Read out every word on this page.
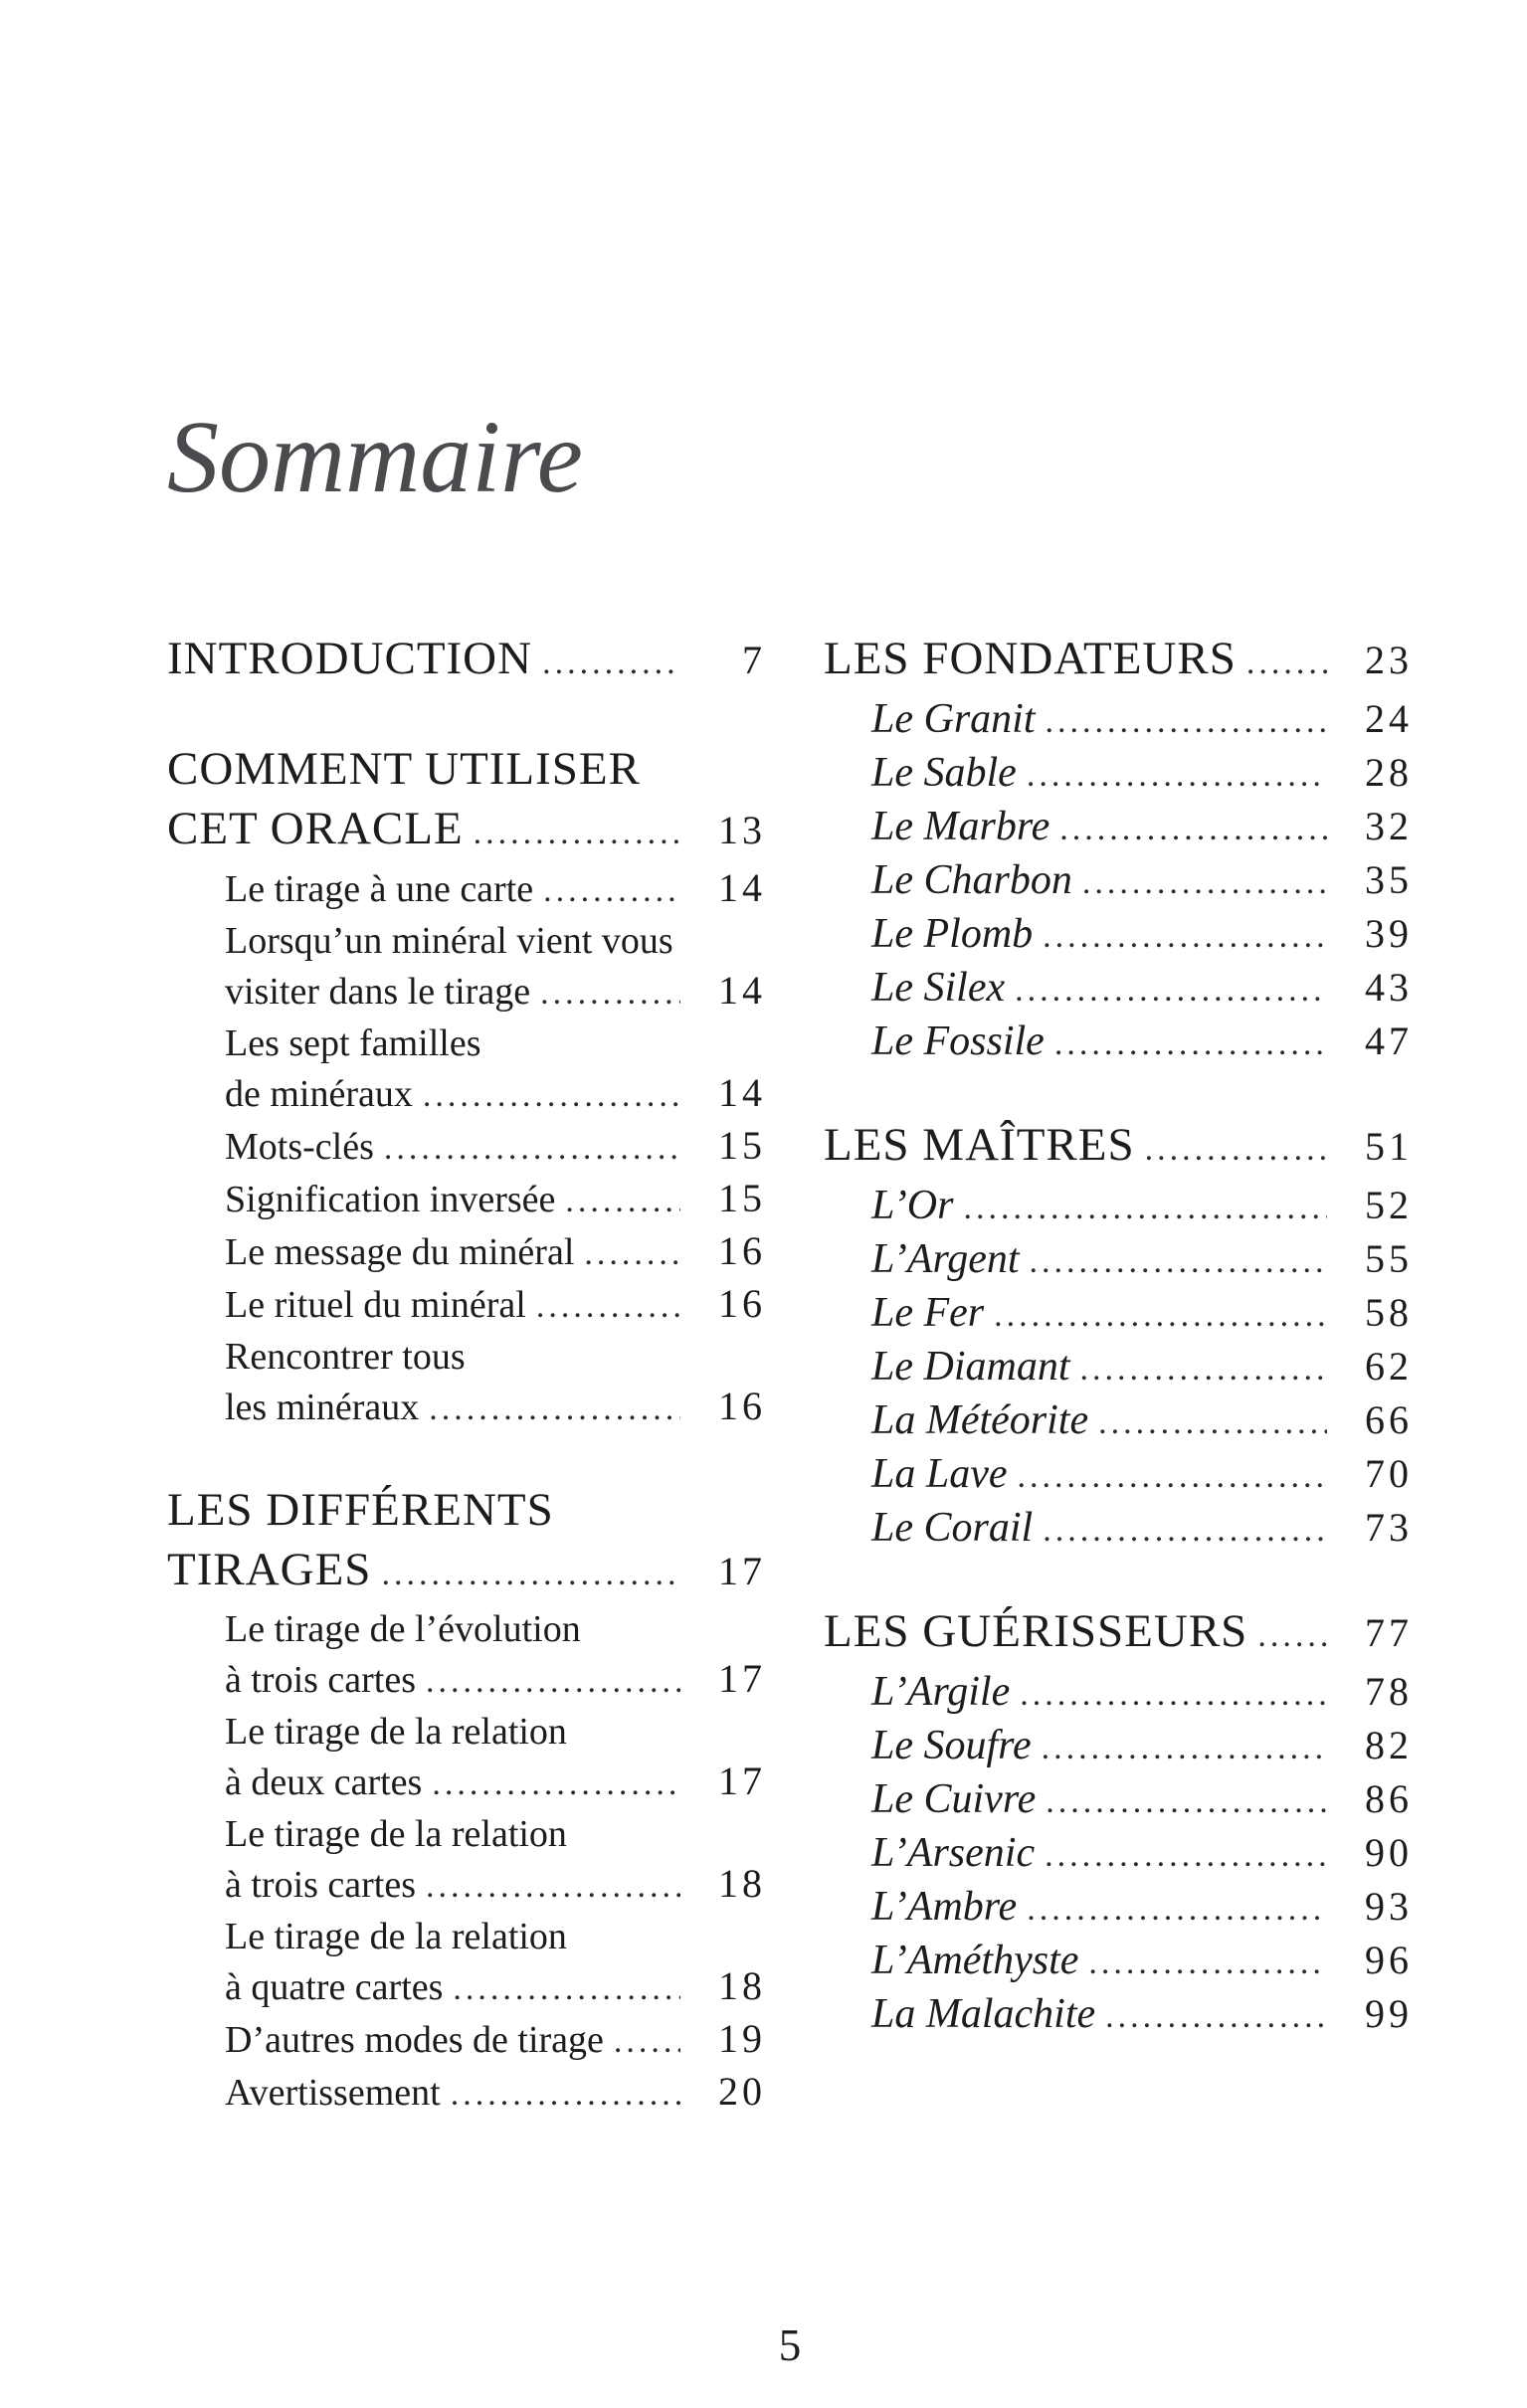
Sommaire
INTRODUCTION .....	7
COMMENT UTILISER
CET ORACLE .....	13
Le tirage à une carte .....	14
Lorsqu’un minéral vient vous
visiter dans le tirage .....	14
Les sept familles
de minéraux .....	14
Mots-clés .....	15
Signification inversée .....	15
Le message du minéral .....	16
Le rituel du minéral .....	16
Rencontrer tous
les minéraux .....	16
LES DIFFÉRENTS
TIRAGES .....	17
Le tirage de l’évolution
à trois cartes .....	17
Le tirage de la relation
à deux cartes .....	17
Le tirage de la relation
à trois cartes .....	18
Le tirage de la relation
à quatre cartes .....	18
D’autres modes de tirage .....	19
Avertissement .....	20
LES FONDATEURS .....	23
Le Granit .....	24
Le Sable .....	28
Le Marbre .....	32
Le Charbon .....	35
Le Plomb .....	39
Le Silex .....	43
Le Fossile .....	47
LES MAÎTRES .....	51
L’Or .....	52
L’Argent .....	55
Le Fer .....	58
Le Diamant .....	62
La Météorite .....	66
La Lave .....	70
Le Corail .....	73
LES GUÉRISSEURS .....	77
L’Argile .....	78
Le Soufre .....	82
Le Cuivre .....	86
L’Arsenic .....	90
L’Ambre .....	93
L’Améthyste .....	96
La Malachite .....	99
5
